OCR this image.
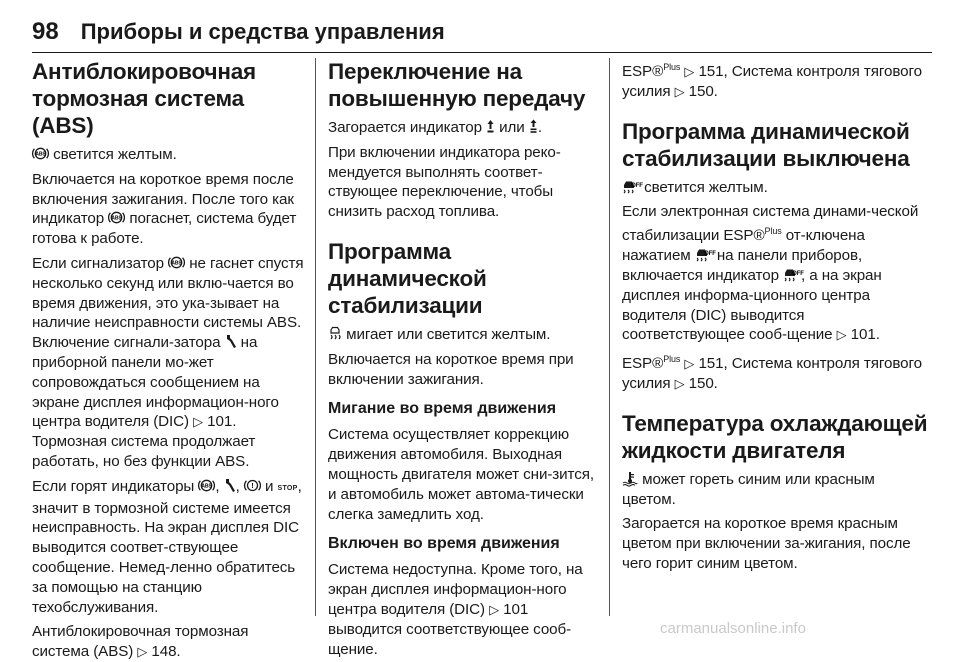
98 Приборы и средства управления
Антиблокировочная тормозная система (ABS)

ABS светится желтым.

Включается на короткое время после включения зажигания. После того как индикатор ABS погаснет, система будет готова к работе.

Если сигнализатор ABS не гаснет спустя несколько секунд или вклю-чается во время движения, это ука-зывает на наличие неисправности системы ABS. Включение сигнали-затора
на приборной панели мо-жет сопровождаться сообщением на экране дисплея информацион-ного центра водителя (DIC) ▷ 101. Тормозная система продолжает работать, но без функции ABS.

Если горят индикаторы ABS ,
, ! и STOP, значит в тормозной системе имеется неисправность. На экран дисплея DIC выводится соответ-ствующее сообщение. Немед-ленно обратитесь за помощью на станцию техобслуживания.

Антиблокировочная тормозная система (ABS) ▷ 148.

Переключение на повышенную передачу

Загорается индикатор
или
.

При включении индикатора реко-мендуется выполнять соответ-ствующее переключение, чтобы снизить расход топлива.

Программа динамической стабилизации

мигает или светится желтым.

Включается на короткое время при включении зажигания.

Мигание во время движения

Система осуществляет коррекцию движения автомобиля. Выходная мощность двигателя может сни-зится, и автомобиль может автома-тически слегка замедлить ход.

Включен во время движения

Система недоступна. Кроме того, на экран дисплея информацион-ного центра водителя (DIC) ▷ 101 выводится соответствующее сооб-щение.

ESP®$^{Plus}$ ▷ 151, Система контроля тягового усилия ▷ 150.

Программа динамической стабилизации выключена

OFF
светится желтым.

Если электронная система динами-ческой стабилизации ESP®$^{Plus}$ от-ключена нажатием OFF
на панели приборов, включается индикатор OFF
, а на экран дисплея информа-ционного центра водителя (DIC) выводится соответствующее сооб-щение ▷ 101.

ESP®$^{Plus}$ ▷ 151, Система контроля тягового усилия ▷ 150.

Температура охлаждающей жидкости двигателя

может гореть синим или красным цветом.

Загорается на короткое время красным цветом при включении за-жигания, после чего горит синим цветом.

carmanualsonline.info
